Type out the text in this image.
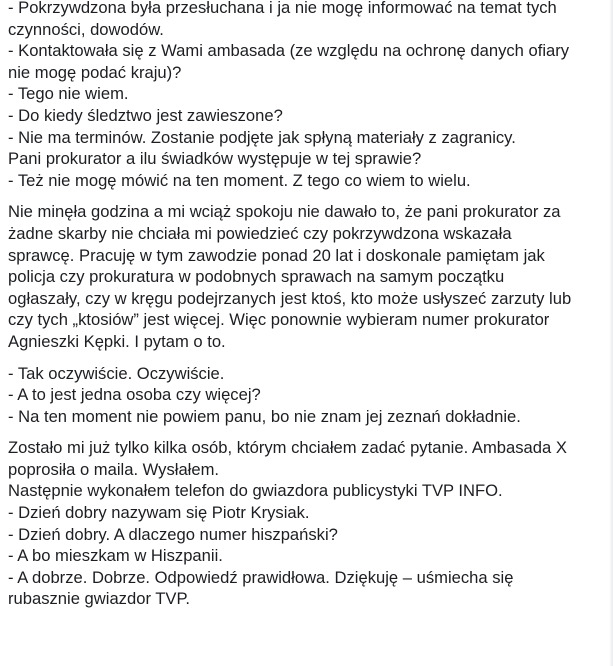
- Pokrzywdzona była przesłuchana i ja nie mogę informować na temat tych
czynności, dowodów.
- Kontaktowała się z Wami ambasada (ze względu na ochronę danych ofiary
nie mogę podać kraju)?
- Tego nie wiem.
- Do kiedy śledztwo jest zawieszone?
- Nie ma terminów. Zostanie podjęte jak spłyną materiały z zagranicy.
Pani prokurator a ilu świadków występuje w tej sprawie?
- Też nie mogę mówić na ten moment. Z tego co wiem to wielu.
Nie minęła godzina a mi wciąż spokoju nie dawało to, że pani prokurator za
żadne skarby nie chciała mi powiedzieć czy pokrzywdzona wskazała
sprawcę. Pracuję w tym zawodzie ponad 20 lat i doskonale pamiętam jak
policja czy prokuratura w podobnych sprawach na samym początku
ogłaszały, czy w kręgu podejrzanych jest ktoś, kto może usłyszeć zarzuty lub
czy tych „ktosiów” jest więcej. Więc ponownie wybieram numer prokurator
Agnieszki Kępki. I pytam o to.
- Tak oczywiście. Oczywiście.
- A to jest jedna osoba czy więcej?
- Na ten moment nie powiem panu, bo nie znam jej zeznań dokładnie.
Zostało mi już tylko kilka osób, którym chciałem zadać pytanie. Ambasada X
poprosiła o maila. Wysłałem.
Następnie wykonałem telefon do gwiazdora publicystyki TVP INFO.
- Dzień dobry nazywam się Piotr Krysiak.
- Dzień dobry. A dlaczego numer hiszpański?
- A bo mieszkam w Hiszpanii.
- A dobrze. Dobrze. Odpowiedź prawidłowa. Dziękuję – uśmiecha się
rubasznie gwiazdor TVP.
